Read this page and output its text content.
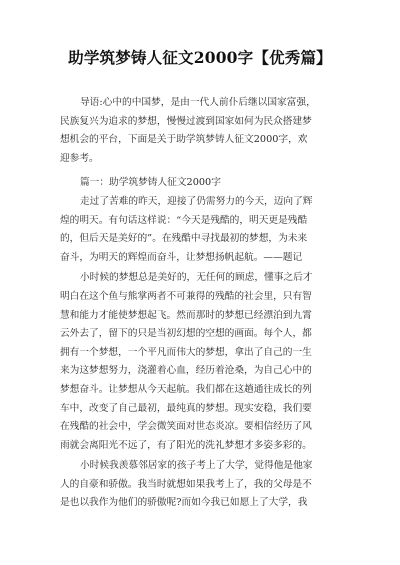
助学筑梦铸人征文2000字【优秀篇】
导语:心中的中国梦，是由一代人前仆后继以国家富强，
民族复兴为追求的梦想，慢慢过渡到国家如何为民众搭建梦
想机会的平台，下面是关于助学筑梦铸人征文2000字，欢
迎参考。
篇一：助学筑梦铸人征文2000字
走过了苦难的昨天，迎接了仍需努力的今天，迈向了辉
煌的明天。有句话这样说：“今天是残酷的，明天更是残酷
的，但后天是美好的”。在残酷中寻找最初的梦想，为未来
奋斗，为明天的辉煌而奋斗，让梦想扬帆起航。——题记
小时候的梦想总是美好的，无任何的顾虑，懂事之后才
明白在这个鱼与熊掌两者不可兼得的残酷的社会里，只有智
慧和能力才能使梦想起飞。然而那时的梦想已经漂泊到九霄
云外去了，留下的只是当初幻想的空想的画面。每个人，都
拥有一个梦想，一个平凡而伟大的梦想，拿出了自己的一生
来为这梦想努力，浇灌着心血，经历着沧桑，为自己心中的
梦想奋斗。让梦想从今天起航。我们都在这趟通往成长的列
车中，改变了自己最初，最纯真的梦想。现实安稳，我们要
在残酷的社会中，学会微笑面对世态炎凉。要相信经历了风
雨就会离阳光不远了，有了阳光的洗礼梦想才多姿多彩的。
小时候我羡慕邻居家的孩子考上了大学，觉得他是他家
人的自豪和骄傲。我当时就想如果我考上了，我的父母是不
是也以我作为他们的骄傲呢?而如今我已如愿上了大学，我
